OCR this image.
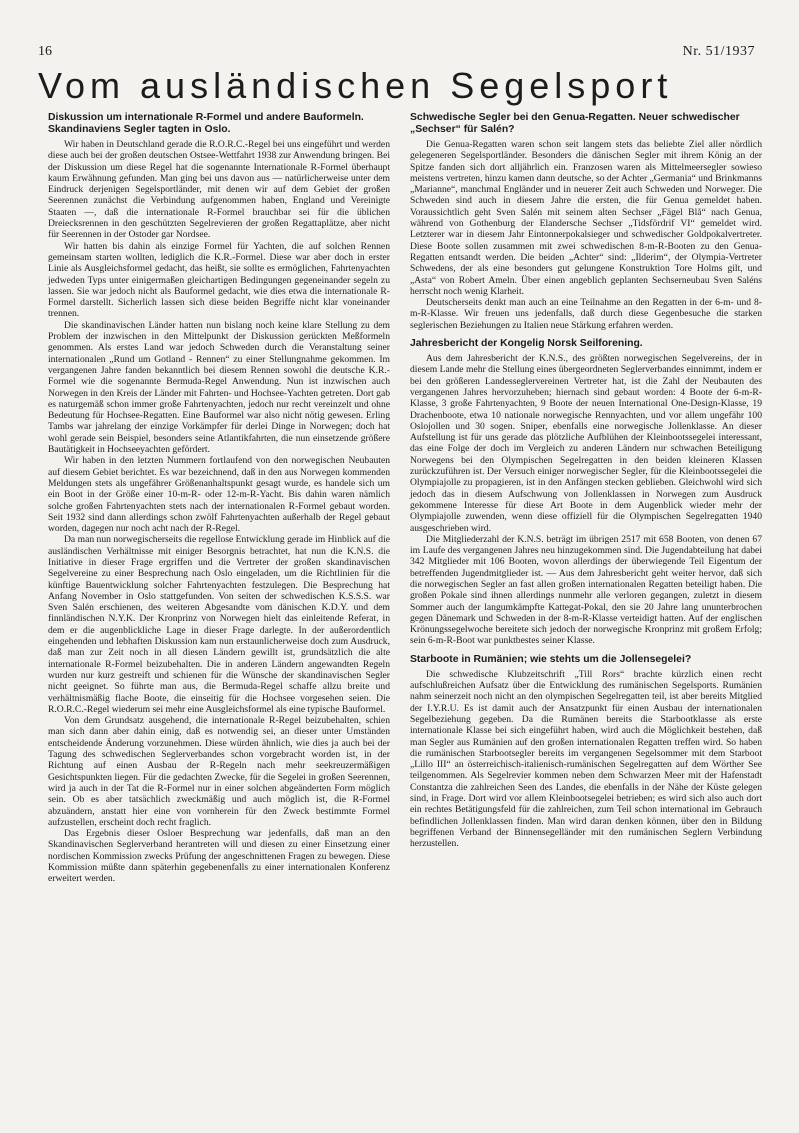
16	Nr. 51/1937
Vom ausländischen Segelsport
Diskussion um internationale R-Formel und andere Bauformeln. Skandinaviens Segler tagten in Oslo.

Wir haben in Deutschland gerade die R.O.R.C.-Regel bei uns eingeführt und werden diese auch bei der großen deutschen Ostsee-Wettfahrt 1938 zur Anwendung bringen. Bei der Diskussion um diese Regel hat die sogenannte Internationale R-Formel überhaupt kaum Erwähnung gefunden. Man ging bei uns davon aus — natürlicherweise unter dem Eindruck derjenigen Segelsportländer, mit denen wir auf dem Gebiet der großen Seerennen zunächst die Verbindung aufgenommen haben, England und Vereinigte Staaten —, daß die internationale R-Formel brauchbar sei für die üblichen Dreiecksrennen in den geschützten Segelrevieren der großen Regattaplätze, aber nicht für Seerennen in der Ostoder gar Nordsee.

Wir hatten bis dahin als einzige Formel für Yachten, die auf solchen Rennen gemeinsam starten wollten, lediglich die K.R.-Formel. Diese war aber doch in erster Linie als Ausgleichsformel gedacht, das heißt, sie sollte es ermöglichen, Fahrtenyachten jedweden Typs unter einigermaßen gleichartigen Bedingungen gegeneinander segeln zu lassen. Sie war jedoch nicht als Bauformel gedacht, wie dies etwa die internationale R-Formel darstellt. Sicherlich lassen sich diese beiden Begriffe nicht klar voneinander trennen.

Die skandinavischen Länder hatten nun bislang noch keine klare Stellung zu dem Problem der inzwischen in den Mittelpunkt der Diskussion gerückten Meßformeln genommen. Als erstes Land war jedoch Schweden durch die Veranstaltung seiner internationalen „Rund um Gotland - Rennen“ zu einer Stellungnahme gekommen. Im vergangenen Jahre fanden bekanntlich bei diesem Rennen sowohl die deutsche K.R.-Formel wie die sogenannte Bermuda-Regel Anwendung. Nun ist inzwischen auch Norwegen in den Kreis der Länder mit Fahrten- und Hochsee-Yachten getreten. Dort gab es naturgemäß schon immer große Fahrtenyachten, jedoch nur recht vereinzelt und ohne Bedeutung für Hochsee-Regatten. Eine Bauformel war also nicht nötig gewesen. Erling Tambs war jahrelang der einzige Vorkämpfer für derlei Dinge in Norwegen; doch hat wohl gerade sein Beispiel, besonders seine Atlantikfahrten, die nun einsetzende größere Bautätigkeit in Hochseeyachten gefördert.

Wir haben in den letzten Nummern fortlaufend von den norwegischen Neubauten auf diesem Gebiet berichtet. Es war bezeichnend, daß in den aus Norwegen kommenden Meldungen stets als ungefährer Größenanhaltspunkt gesagt wurde, es handele sich um ein Boot in der Größe einer 10-m-R- oder 12-m-R-Yacht. Bis dahin waren nämlich solche großen Fahrtenyachten stets nach der internationalen R-Formel gebaut worden. Seit 1932 sind dann allerdings schon zwölf Fahrtenyachten außerhalb der Regel gebaut worden, dagegen nur noch acht nach der R-Regel.

Da man nun norwegischerseits die regellose Entwicklung gerade im Hinblick auf die ausländischen Verhältnisse mit einiger Besorgnis betrachtet, hat nun die K.N.S. die Initiative in dieser Frage ergriffen und die Vertreter der großen skandinavischen Segelvereine zu einer Besprechung nach Oslo eingeladen, um die Richtlinien für die künftige Bauentwicklung solcher Fahrtenyachten festzulegen. Die Besprechung hat Anfang November in Oslo stattgefunden. Von seiten der schwedischen K.S.S.S. war Sven Salén erschienen, des weiteren Abgesandte vom dänischen K.D.Y. und dem finnländischen N.Y.K. Der Kronprinz von Norwegen hielt das einleitende Referat, in dem er die augenblickliche Lage in dieser Frage darlegte. In der außerordentlich eingehenden und lebhaften Diskussion kam nun erstaunlicherweise doch zum Ausdruck, daß man zur Zeit noch in all diesen Ländern gewillt ist, grundsätzlich die alte internationale R-Formel beizubehalten. Die in anderen Ländern angewandten Regeln wurden nur kurz gestreift und schienen für die Wünsche der skandinavischen Segler nicht geeignet. So führte man aus, die Bermuda-Regel schaffe allzu breite und verhältnismäßig flache Boote, die einseitig für die Hochsee vorgesehen seien. Die R.O.R.C.-Regel wiederum sei mehr eine Ausgleichsformel als eine typische Bauformel.

Von dem Grundsatz ausgehend, die internationale R-Regel beizubehalten, schien man sich dann aber dahin einig, daß es notwendig sei, an dieser unter Umständen entscheidende Änderung vorzunehmen. Diese würden ähnlich, wie dies ja auch bei der Tagung des schwedischen Seglerverbandes schon vorgebracht worden ist, in der Richtung auf einen Ausbau der R-Regeln nach mehr seekreuzermäßigen Gesichtspunkten liegen. Für die gedachten Zwecke, für die Segelei in großen Seerennen, wird ja auch in der Tat die R-Formel nur in einer solchen abgeänderten Form möglich sein. Ob es aber tatsächlich zweckmäßig und auch möglich ist, die R-Formel abzuändern, anstatt hier eine von vornherein für den Zweck bestimmte Formel aufzustellen, erscheint doch recht fraglich.

Das Ergebnis dieser Osloer Besprechung war jedenfalls, daß man an den Skandinavischen Seglerverband herantreten will und diesen zu einer Einsetzung einer nordischen Kommission zwecks Prüfung der angeschnittenen Fragen zu bewegen. Diese Kommission müßte dann späterhin gegebenenfalls zu einer internationalen Konferenz erweitert werden.

Schwedische Segler bei den Genua-Regatten. Neuer schwedischer „Sechser“ für Salén?

Die Genua-Regatten waren schon seit langem stets das beliebte Ziel aller nördlich gelegeneren Segelsportländer. Besonders die dänischen Segler mit ihrem König an der Spitze fanden sich dort alljährlich ein. Franzosen waren als Mittelmeersegler sowieso meistens vertreten, hinzu kamen dann deutsche, so der Achter „Germania“ und Brinkmanns „Marianne“, manchmal Engländer und in neuerer Zeit auch Schweden und Norweger. Die Schweden sind auch in diesem Jahre die ersten, die für Genua gemeldet haben. Voraussichtlich geht Sven Salén mit seinem alten Sechser „Fägel Blå“ nach Genua, während von Gothenburg der Elandersche Sechser „Tidsfördrif VI“ gemeldet wird. Letzterer war in diesem Jahr Eintonnerpokalsieger und schwedischer Goldpokalvertreter. Diese Boote sollen zusammen mit zwei schwedischen 8-m-R-Booten zu den Genua-Regatten entsandt werden. Die beiden „Achter“ sind: „Ilderim“, der Olympia-Vertreter Schwedens, der als eine besonders gut gelungene Konstruktion Tore Holms gilt, und „Asta“ von Robert Ameln. Über einen angeblich geplanten Sechserneubau Sven Saléns herrscht noch wenig Klarheit.

Deutscherseits denkt man auch an eine Teilnahme an den Regatten in der 6-m- und 8-m-R-Klasse. Wir freuen uns jedenfalls, daß durch diese Gegenbesuche die starken seglerischen Beziehungen zu Italien neue Stärkung erfahren werden.

Jahresbericht der Kongelig Norsk Seilforening.

Aus dem Jahresbericht der K.N.S., des größten norwegischen Segelvereins, der in diesem Lande mehr die Stellung eines übergeordneten Seglerverbandes einnimmt, indem er bei den größeren Landesseglervereinen Vertreter hat, ist die Zahl der Neubauten des vergangenen Jahres hervorzuheben; hiernach sind gebaut worden: 4 Boote der 6-m-R-Klasse, 3 große Fahrtenyachten, 9 Boote der neuen International One-Design-Klasse, 19 Drachenboote, etwa 10 nationale norwegische Rennyachten, und vor allem ungefähr 100 Oslojollen und 30 sogen. Sniper, ebenfalls eine norwegische Jollenklasse. An dieser Aufstellung ist für uns gerade das plötzliche Aufblühen der Kleinbootssegelei interessant, das eine Folge der doch im Vergleich zu anderen Ländern nur schwachen Beteiligung Norwegens bei den Olympischen Segelregatten in den beiden kleineren Klassen zurückzuführen ist. Der Versuch einiger norwegischer Segler, für die Kleinbootssegelei die Olympiajolle zu propagieren, ist in den Anfängen stecken geblieben. Gleichwohl wird sich jedoch das in diesem Aufschwung von Jollenklassen in Norwegen zum Ausdruck gekommene Interesse für diese Art Boote in dem Augenblick wieder mehr der Olympiajolle zuwenden, wenn diese offiziell für die Olympischen Segelregatten 1940 ausgeschrieben wird.

Die Mitgliederzahl der K.N.S. beträgt im übrigen 2517 mit 658 Booten, von denen 67 im Laufe des vergangenen Jahres neu hinzugekommen sind. Die Jugendabteilung hat dabei 342 Mitglieder mit 106 Booten, wovon allerdings der überwiegende Teil Eigentum der betreffenden Jugendmitglieder ist. — Aus dem Jahresbericht geht weiter hervor, daß sich die norwegischen Segler an fast allen großen internationalen Regatten beteiligt haben. Die großen Pokale sind ihnen allerdings nunmehr alle verloren gegangen, zuletzt in diesem Sommer auch der langumkämpfte Kattegat-Pokal, den sie 20 Jahre lang ununterbrochen gegen Dänemark und Schweden in der 8-m-R-Klasse verteidigt hatten. Auf der englischen Krönungssegelwoche bereitete sich jedoch der norwegische Kronprinz mit großem Erfolg; sein 6-m-R-Boot war punktbestes seiner Klasse.

Starboote in Rumänien; wie stehts um die Jollensegelei?

Die schwedische Klubzeitschrift „Till Rors“ brachte kürzlich einen recht aufschlußreichen Aufsatz über die Entwicklung des rumänischen Segelsports. Rumänien nahm seinerzeit noch nicht an den olympischen Segelregatten teil, ist aber bereits Mitglied der I.Y.R.U. Es ist damit auch der Ansatzpunkt für einen Ausbau der internationalen Segelbeziehung gegeben. Da die Rumänen bereits die Starbootklasse als erste internationale Klasse bei sich eingeführt haben, wird auch die Möglichkeit bestehen, daß man Segler aus Rumänien auf den großen internationalen Regatten treffen wird. So haben die rumänischen Starbootsegler bereits im vergangenen Segelsommer mit dem Starboot „Lillo III“ an österreichisch-italienisch-rumänischen Segelregatten auf dem Wörther See teilgenommen. Als Segelrevier kommen neben dem Schwarzen Meer mit der Hafenstadt Constantza die zahlreichen Seen des Landes, die ebenfalls in der Nähe der Küste gelegen sind, in Frage. Dort wird vor allem Kleinbootsegelei betrieben; es wird sich also auch dort ein rechtes Betätigungsfeld für die zahlreichen, zum Teil schon international im Gebrauch befindlichen Jollenklassen finden. Man wird daran denken können, über den in Bildung begriffenen Verband der Binnensegelländer mit den rumänischen Seglern Verbindung herzustellen.
